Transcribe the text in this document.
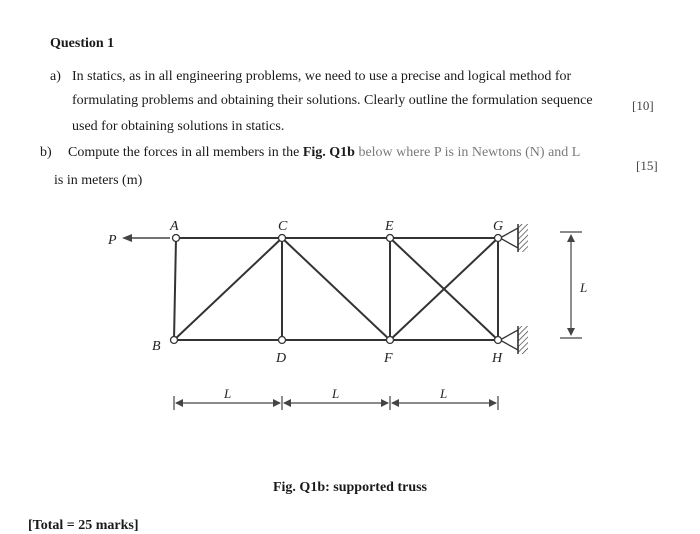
Question 1
a) In statics, as in all engineering problems, we need to use a precise and logical method for
formulating problems and obtaining their solutions. Clearly outline the formulation sequence
used for obtaining solutions in statics.
[10]
b) Compute the forces in all members in the Fig. Q1b below where P is in Newtons (N) and L
is in meters (m)
[15]
P
A	C	E	G
B
D	F	H
L
L	L	L
Fig. Q1b: supported truss
[Total = 25 marks]
